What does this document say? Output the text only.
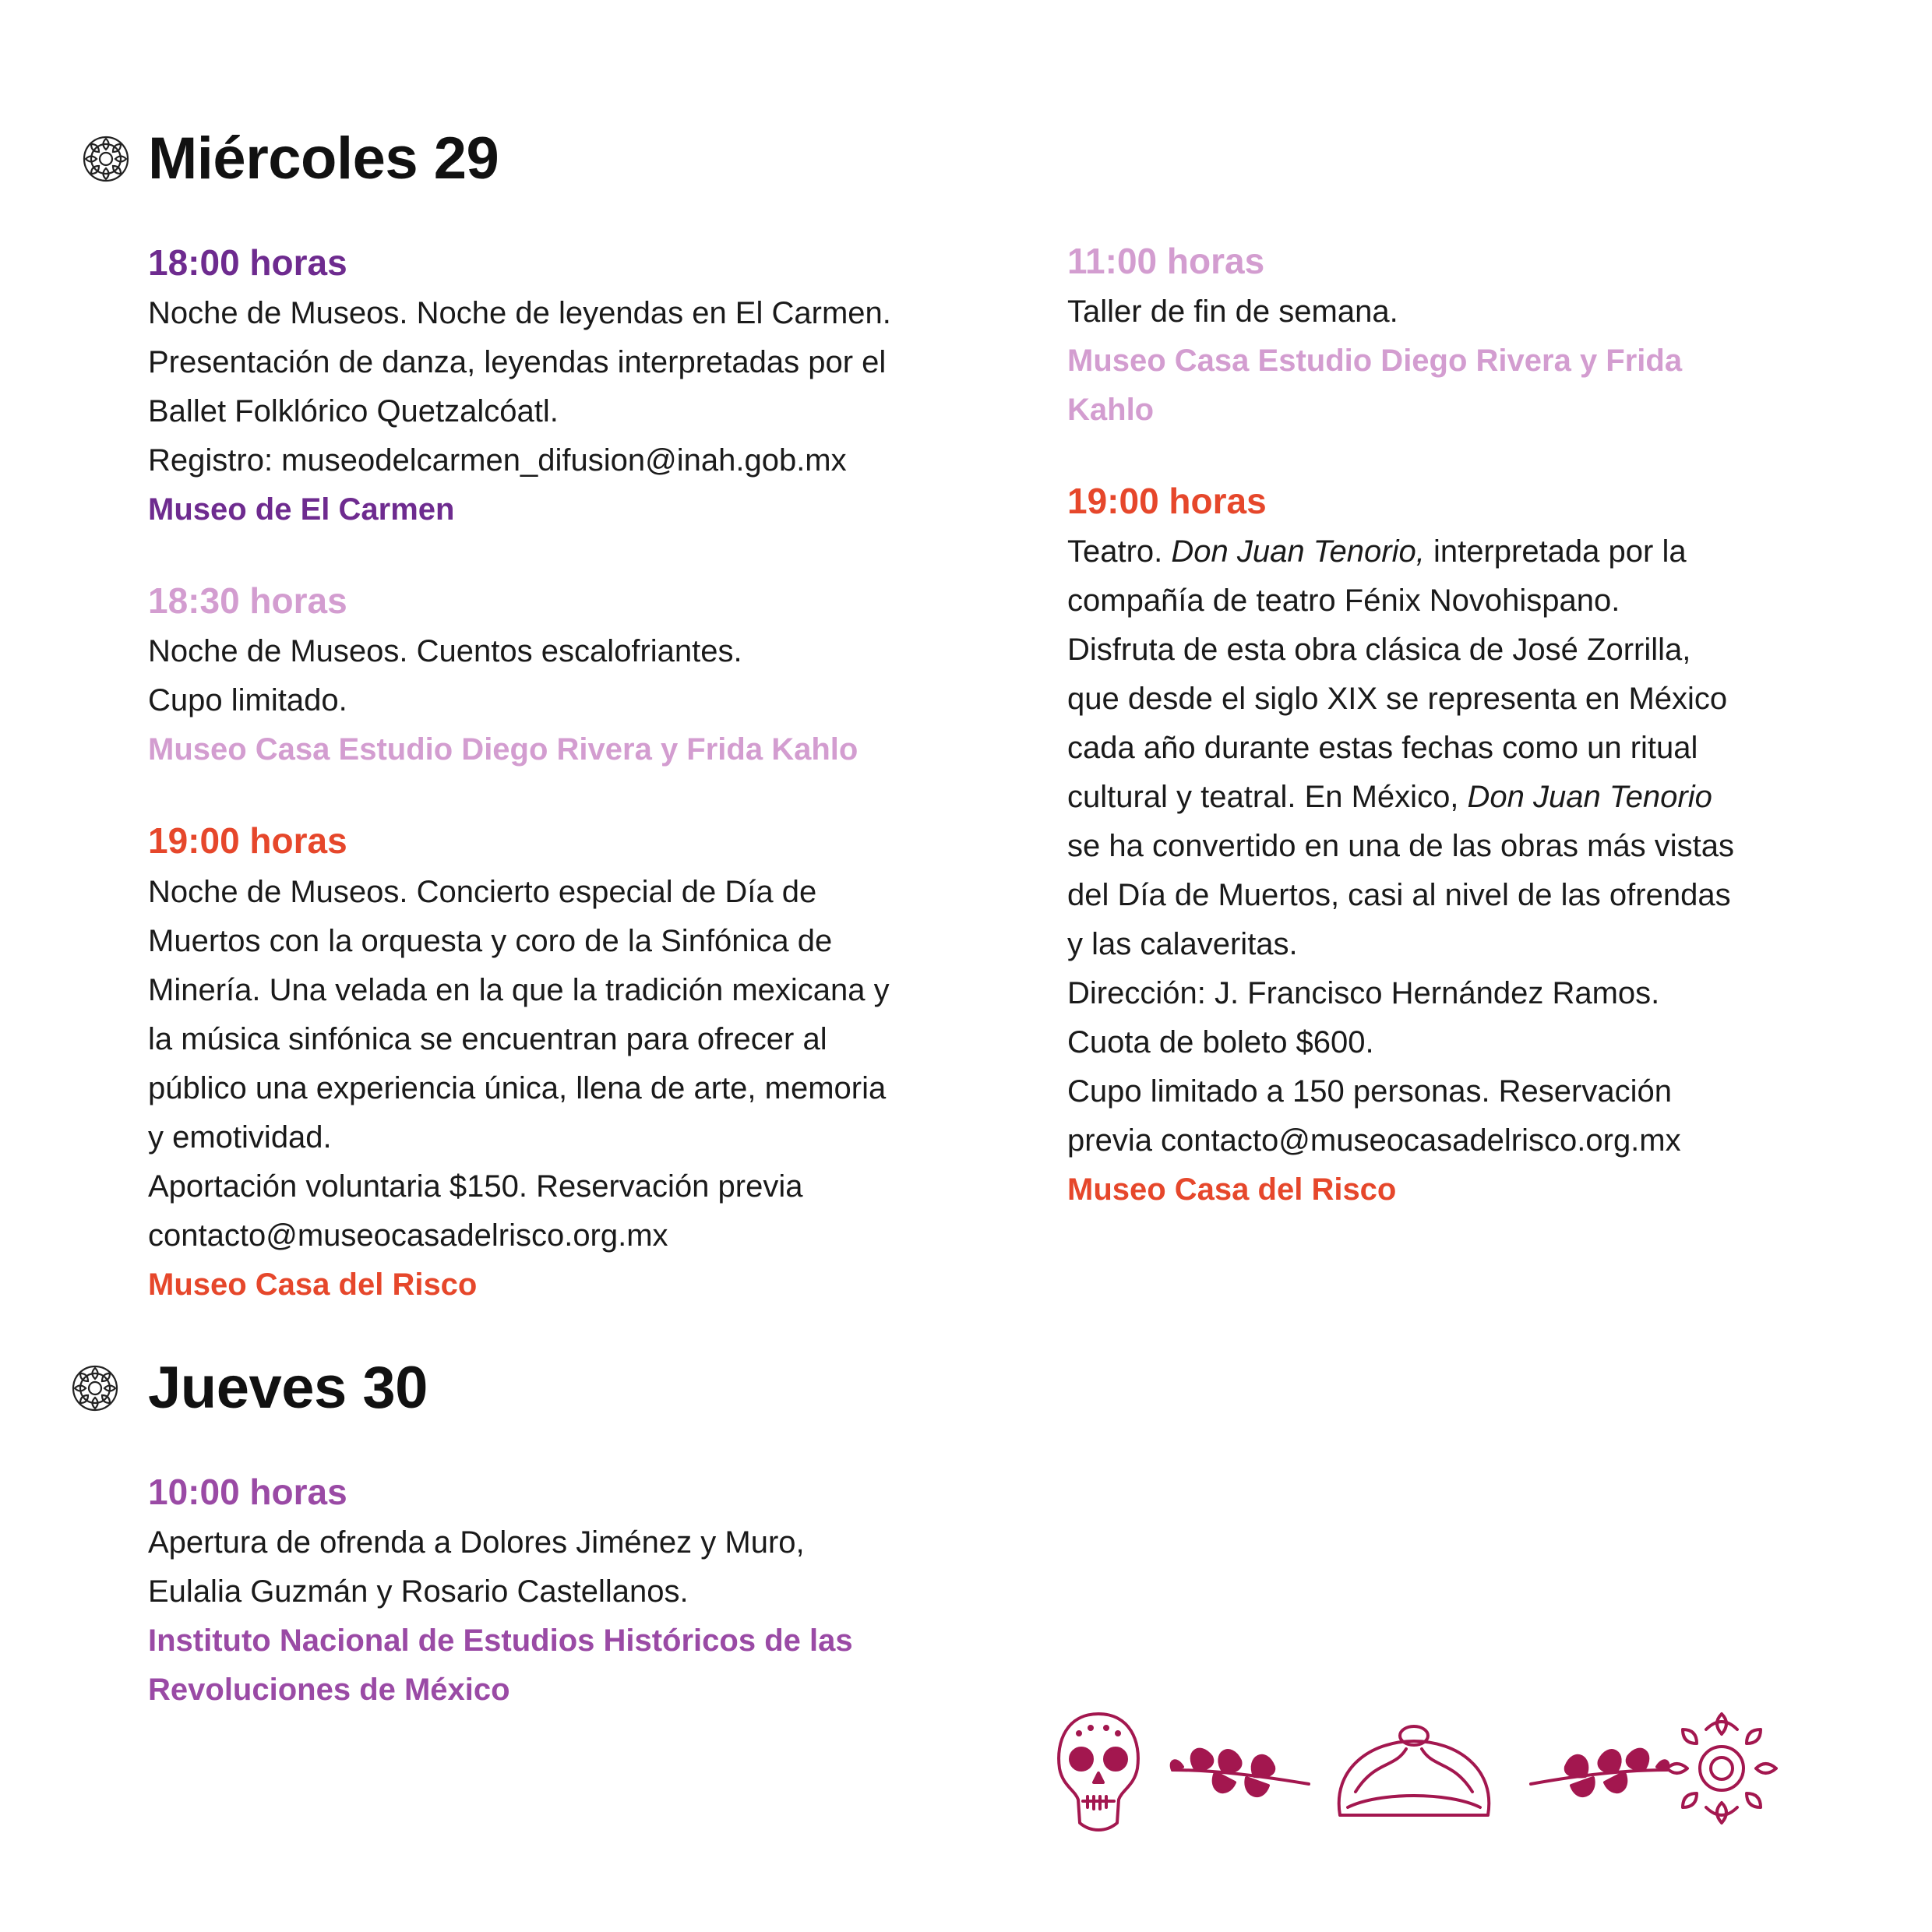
Miércoles 29

18:00 horas

Noche de Museos. Noche de leyendas en El Carmen.

Presentación de danza, leyendas interpretadas por el

Ballet Folklórico Quetzalcóatl.

Registro: museodelcarmen_difusion@inah.gob.mx

Museo de El Carmen

18:30 horas

Noche de Museos. Cuentos escalofriantes.

Cupo limitado.

Museo Casa Estudio Diego Rivera y Frida Kahlo

19:00 horas

Noche de Museos. Concierto especial de Día de

Muertos con la orquesta y coro de la Sinfónica de

Minería. Una velada en la que la tradición mexicana y

la música sinfónica se encuentran para ofrecer al

público una experiencia única, llena de arte, memoria

y emotividad.

Aportación voluntaria $150. Reservación previa

contacto@museocasadelrisco.org.mx

Museo Casa del Risco

Jueves 30

10:00 horas

Apertura de ofrenda a Dolores Jiménez y Muro,

Eulalia Guzmán y Rosario Castellanos.

Instituto Nacional de Estudios Históricos de las

Revoluciones de México

11:00 horas

Taller de fin de semana.

Museo Casa Estudio Diego Rivera y Frida

Kahlo

19:00 horas

Teatro. Don Juan Tenorio, interpretada por la

compañía de teatro Fénix Novohispano.

Disfruta de esta obra clásica de José Zorrilla,

que desde el siglo XIX se representa en México

cada año durante estas fechas como un ritual

cultural y teatral. En México, Don Juan Tenorio

se ha convertido en una de las obras más vistas

del Día de Muertos, casi al nivel de las ofrendas

y las calaveritas.

Dirección: J. Francisco Hernández Ramos.

Cuota de boleto $600.

Cupo limitado a 150 personas. Reservación

previa contacto@museocasadelrisco.org.mx

Museo Casa del Risco
